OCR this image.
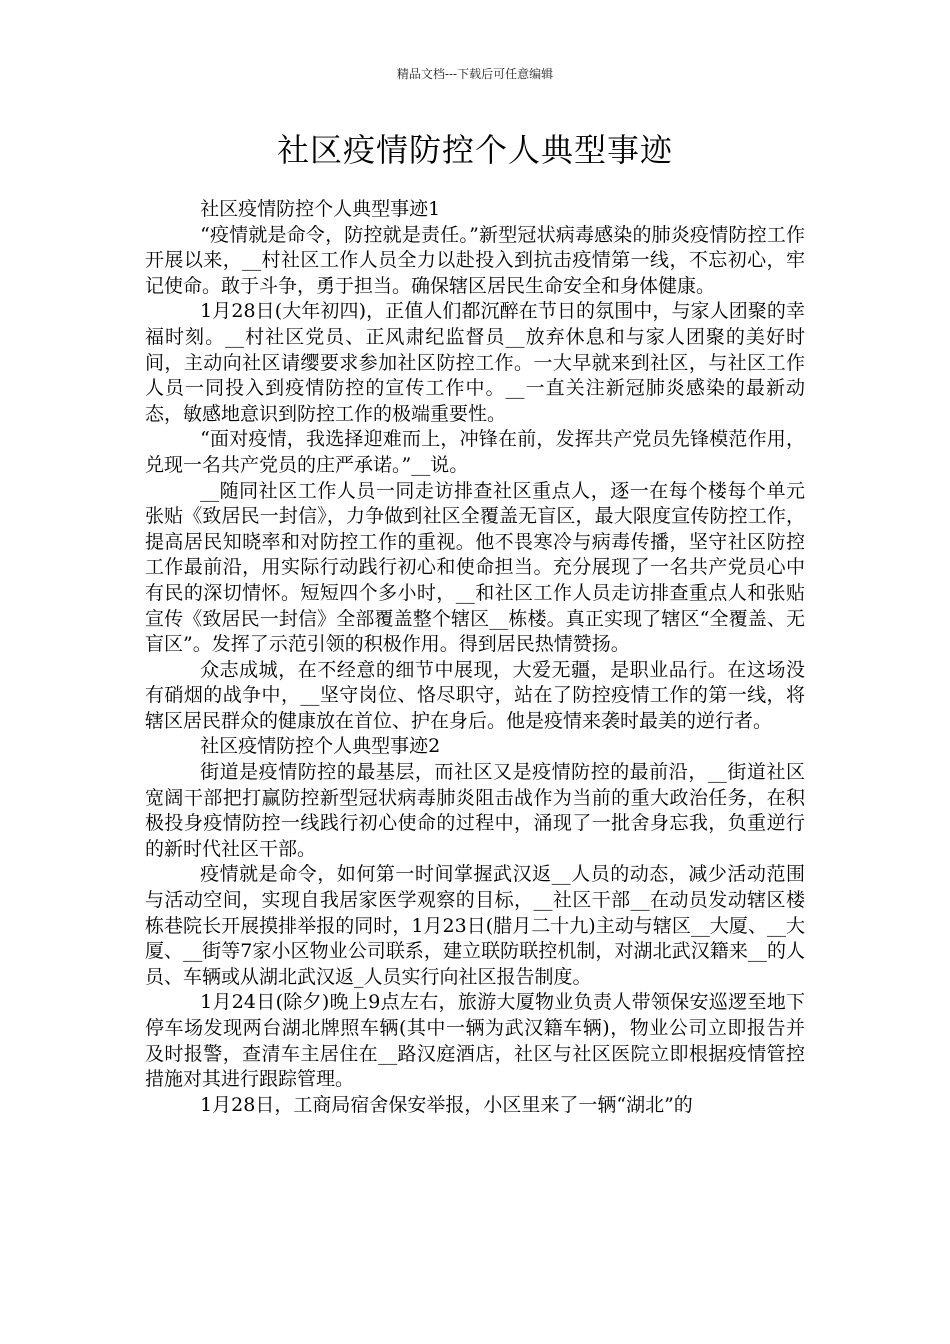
精品文档---下载后可任意编辑
社区疫情防控个人典型事迹

社区疫情防控个人典型事迹1

“疫情就是命令，防控就是责任。”新型冠状病毒感染的肺炎疫情防控工作开展以来，__村社区工作人员全力以赴投入到抗击疫情第一线，不忘初心，牢记使命。敢于斗争，勇于担当。确保辖区居民生命安全和身体健康。

1月28日(大年初四)，正值人们都沉醉在节日的氛围中，与家人团聚的幸福时刻。__村社区党员、正风肃纪监督员__放弃休息和与家人团聚的美好时间，主动向社区请缨要求参加社区防控工作。一大早就来到社区，与社区工作人员一同投入到疫情防控的宣传工作中。__一直关注新冠肺炎感染的最新动态，敏感地意识到防控工作的极端重要性。

“面对疫情，我选择迎难而上，冲锋在前，发挥共产党员先锋模范作用，兑现一名共产党员的庄严承诺。”__说。

__随同社区工作人员一同走访排查社区重点人，逐一在每个楼每个单元张贴《致居民一封信》，力争做到社区全覆盖无盲区，最大限度宣传防控工作，提高居民知晓率和对防控工作的重视。他不畏寒冷与病毒传播，坚守社区防控工作最前沿，用实际行动践行初心和使命担当。充分展现了一名共产党员心中有民的深切情怀。短短四个多小时，__和社区工作人员走访排查重点人和张贴宣传《致居民一封信》全部覆盖整个辖区__栋楼。真正实现了辖区“全覆盖、无盲区”。发挥了示范引领的积极作用。得到居民热情赞扬。

众志成城，在不经意的细节中展现，大爱无疆，是职业品行。在这场没有硝烟的战争中，__坚守岗位、恪尽职守，站在了防控疫情工作的第一线，将辖区居民群众的健康放在首位、护在身后。他是疫情来袭时最美的逆行者。

社区疫情防控个人典型事迹2

街道是疫情防控的最基层，而社区又是疫情防控的最前沿，__街道社区宽阔干部把打赢防控新型冠状病毒肺炎阻击战作为当前的重大政治任务，在积极投身疫情防控一线践行初心使命的过程中，涌现了一批舍身忘我，负重逆行的新时代社区干部。

疫情就是命令，如何第一时间掌握武汉返__人员的动态，减少活动范围与活动空间，实现自我居家医学观察的目标，__社区干部__在动员发动辖区楼栋巷院长开展摸排举报的同时，1月23日(腊月二十九)主动与辖区__大厦、__大厦、__街等7家小区物业公司联系，建立联防联控机制，对湖北武汉籍来__的人员、车辆或从湖北武汉返_人员实行向社区报告制度。

1月24日(除夕)晚上9点左右，旅游大厦物业负责人带领保安巡逻至地下停车场发现两台湖北牌照车辆(其中一辆为武汉籍车辆)，物业公司立即报告并及时报警，查清车主居住在__路汉庭酒店，社区与社区医院立即根据疫情管控措施对其进行跟踪管理。

1月28日，工商局宿舍保安举报，小区里来了一辆“湖北”的
